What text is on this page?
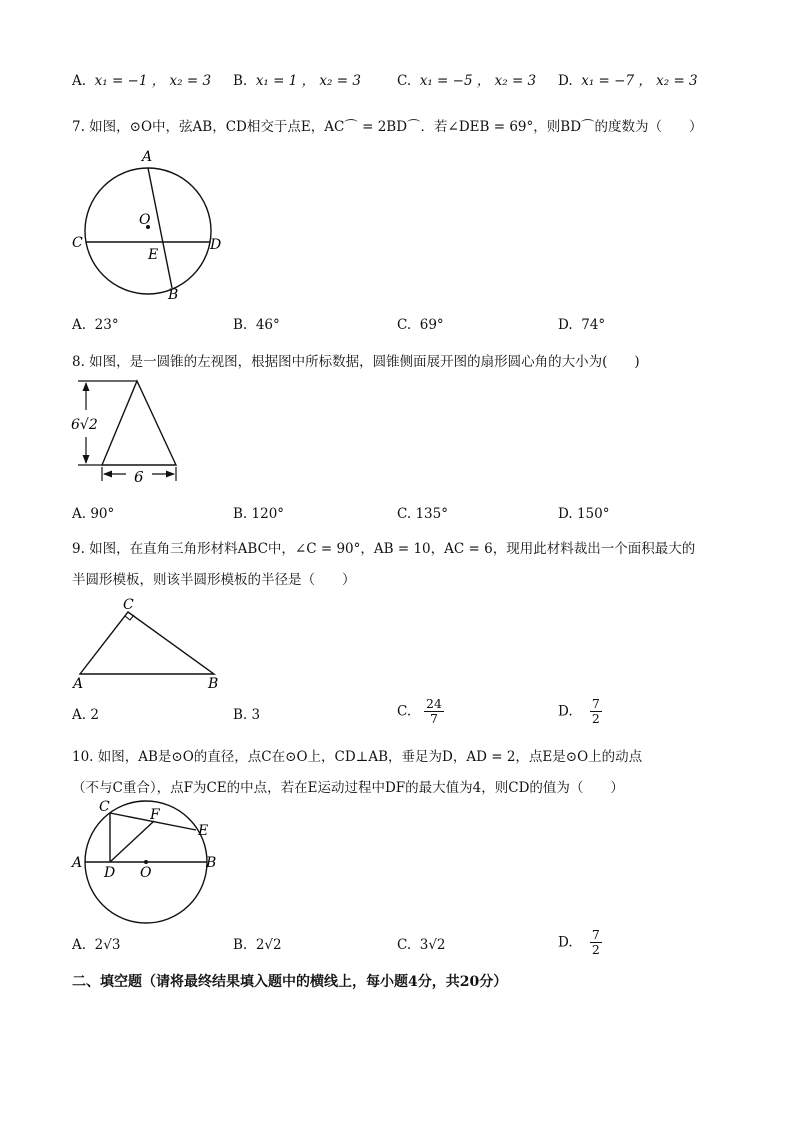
A. x₁ = −1 ， x₂ = 3 B. x₁ = 1 ， x₂ = 3	C. x₁ = −5 ， x₂ = 3 D. x₁ = −7 ， x₂ = 3
7. 如图，⊙O中，弦AB，CD相交于点E，AC⌒ = 2BD⌒．若∠DEB = 69°，则BD⌒的度数为（　　）
A
B
C	D
E
O
A. 23°	B. 46°	C. 69°	D. 74°
8. 如图，是一圆锥的左视图，根据图中所标数据，圆锥侧面展开图的扇形圆心角的大小为(　　)
6√2
6
A. 90°	B. 120°	C. 135°	D. 150°
9. 如图，在直角三角形材料ABC中，∠C = 90°，AB = 10，AC = 6，现用此材料裁出一个面积最大的
半圆形模板，则该半圆形模板的半径是（　　）
C
A	B
A. 2	B. 3	C. $\frac{24}{7}$	D. $\frac{7}{2}$
10. 如图，AB是⊙O的直径，点C在⊙O上，CD⊥AB，垂足为D，AD = 2，点E是⊙O上的动点
（不与C重合），点F为CE的中点，若在E运动过程中DF的最大值为4，则CD的值为（　　）
C	F
E
A	B
D O
A. 2√3	B. 2√2	C. 3√2	D. $\frac{7}{2}$
二、填空题（请将最终结果填入题中的横线上，每小题4分，共20分）
